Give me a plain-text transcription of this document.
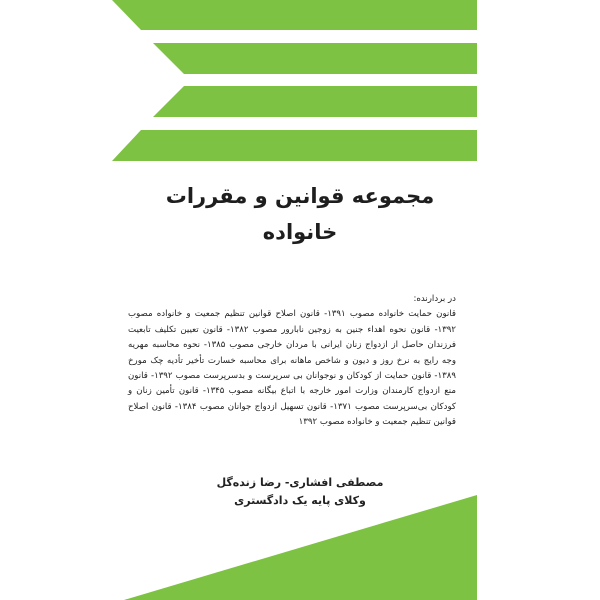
مجموعه قوانین و مقررات
خانواده
در بردارنده:
قانون حمایت خانواده مصوب ۱۳۹۱- قانون اصلاح قوانین تنظیم جمعیت و خانواده مصوب ۱۳۹۲- قانون نحوه اهداء جنین به زوجین نابارور مصوب ۱۳۸۲- قانون تعیین تکلیف تابعیت فرزندان حاصل از ازدواج زنان ایرانی با مردان خارجی مصوب ۱۳۸۵- نحوه محاسبه مهریه وجه رایج به نرخ روز و دیون و شاخص ماهانه برای محاسبه خسارت تأخیر تأدیه چک مورخ ۱۳۸۹- قانون حمایت از کودکان و نوجوانان بی سرپرست و بدسرپرست مصوب ۱۳۹۲- قانون منع ازدواج کارمندان وزارت امور خارجه با اتباع بیگانه مصوب ۱۳۴۵- قانون تأمین زنان و کودکان بی‌سرپرست مصوب ۱۳۷۱- قانون تسهیل ازدواج جوانان مصوب ۱۳۸۴- قانون اصلاح قوانین تنظیم جمعیت و خانواده مصوب ۱۳۹۲
مصطفی افشاری- رضا زنده‌گل
وکلای پایه یک دادگستری
